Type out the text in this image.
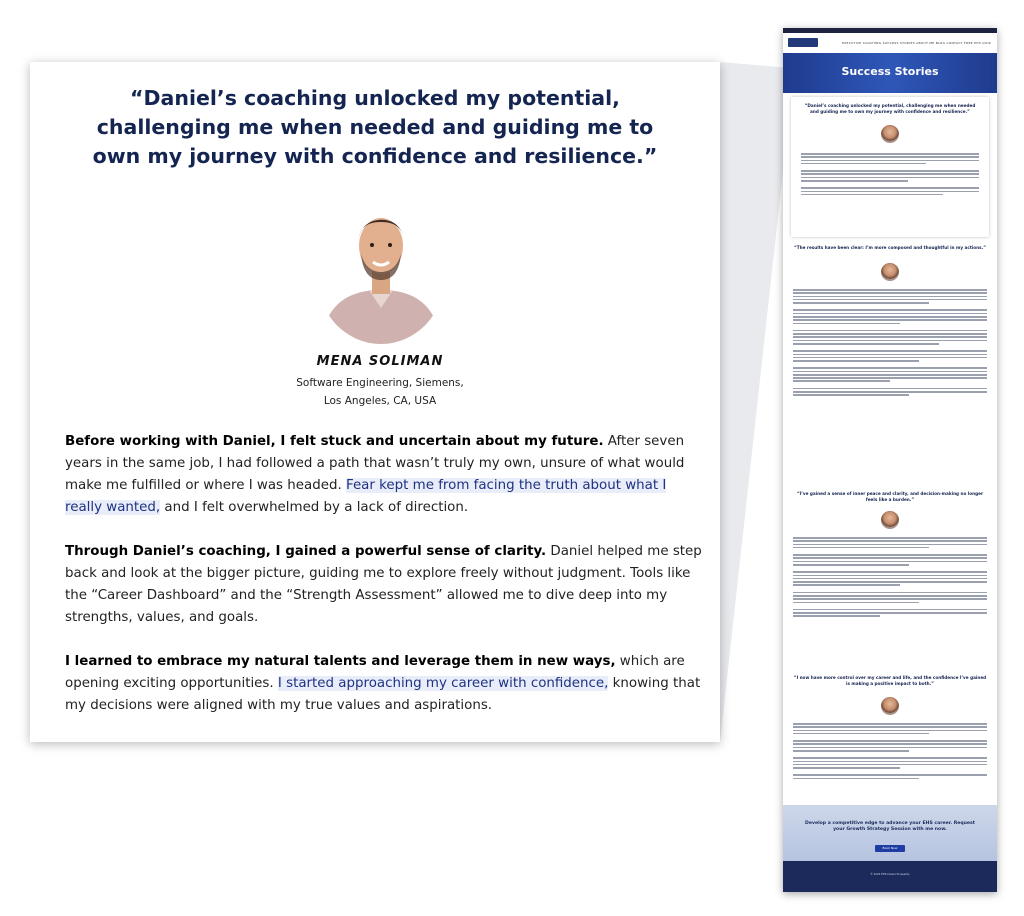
“Daniel’s coaching unlocked my potential, challenging me when needed and guiding me to own my journey with confidence and resilience.”
MENA SOLIMAN
Software Engineering, Siemens,
Los Angeles, CA, USA
Before working with Daniel, I felt stuck and uncertain about my future. After seven years in the same job, I had followed a path that wasn’t truly my own, unsure of what would make me fulfilled or where I was headed. Fear kept me from facing the truth about what I really wanted, and I felt overwhelmed by a lack of direction.
Through Daniel’s coaching, I gained a powerful sense of clarity. Daniel helped me step back and look at the bigger picture, guiding me to explore freely without judgment. Tools like the “Career Dashboard” and the “Strength Assessment” allowed me to dive deep into my strengths, values, and goals.
I learned to embrace my natural talents and leverage them in new ways, which are opening exciting opportunities. I started approaching my career with confidence, knowing that my decisions were aligned with my true values and aspirations.
EXECUTIVE COACHING SUCCESS STORIES ABOUT ME BLOG CONTACT FREE EHS QUIZ
Success Stories
“Daniel’s coaching unlocked my potential, challenging me when needed and guiding me to own my journey with confidence and resilience.”
“The results have been clear: I’m more composed and thoughtful in my actions.”
“I’ve gained a sense of inner peace and clarity, and decision-making no longer feels like a burden.”
“I now have more control over my career and life, and the confidence I’ve gained is making a positive impact to both.”
Develop a competitive edge to advance your EHS career. Request your Growth Strategy Session with me now.
Book Now
© 2024 EHS Career Prosperity
